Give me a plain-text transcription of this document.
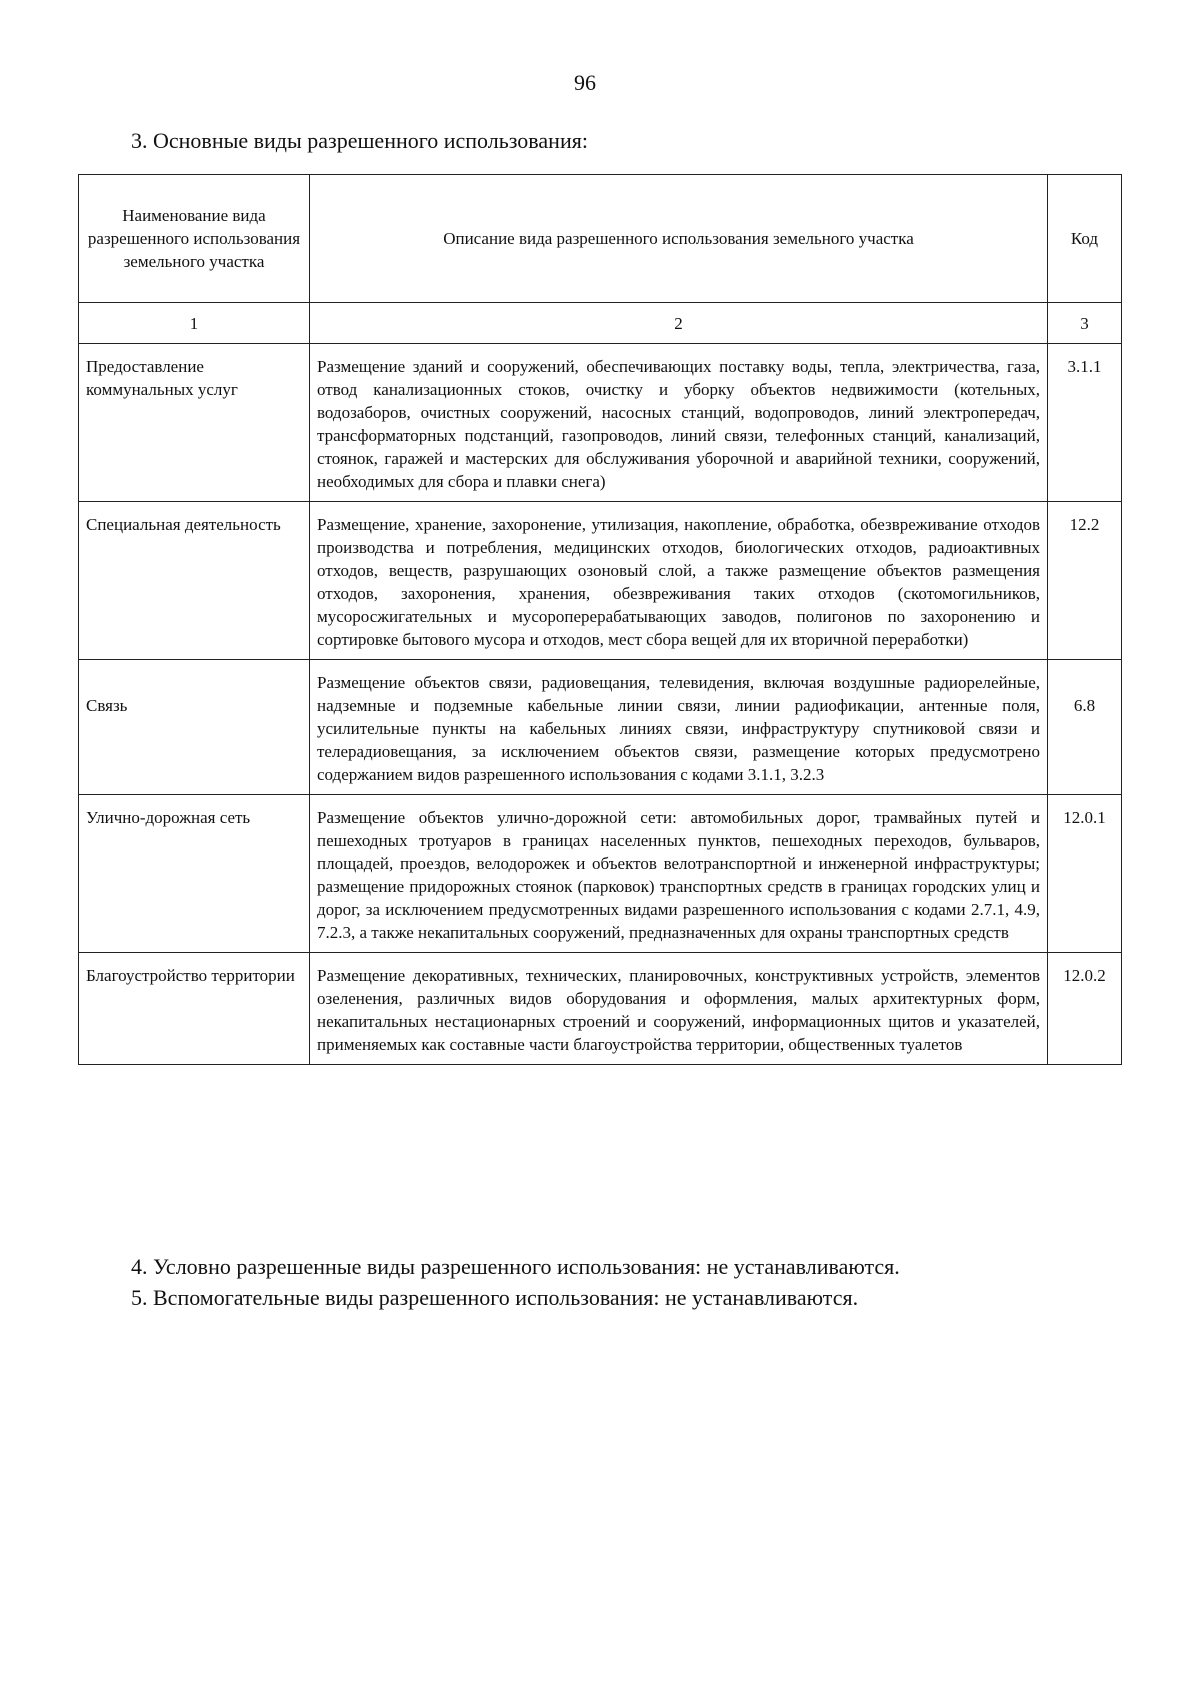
96
3. Основные виды разрешенного использования:
Наименование вида разрешенного использования земельного участка	Описание вида разрешенного использования земельного участка	Код
1	2	3
Предоставление коммунальных услуг	Размещение зданий и сооружений, обеспечивающих поставку воды, тепла, электричества, газа, отвод канализационных стоков, очистку и уборку объектов недвижимости (котельных, водозаборов, очистных сооружений, насосных станций, водопроводов, линий электропередач, трансформаторных подстанций, газопроводов, линий связи, телефонных станций, канализаций, стоянок, гаражей и мастерских для обслуживания уборочной и аварийной техники, сооружений, необходимых для сбора и плавки снега)	3.1.1
Специальная деятельность	Размещение, хранение, захоронение, утилизация, накопление, обработка, обезвреживание отходов производства и потребления, медицинских отходов, биологических отходов, радиоактивных отходов, веществ, разрушающих озоновый слой, а также размещение объектов размещения отходов, захоронения, хранения, обезвреживания таких отходов (скотомогильников, мусоросжигательных и мусороперерабатывающих заводов, полигонов по захоронению и сортировке бытового мусора и отходов, мест сбора вещей для их вторичной переработки)	12.2
Связь	Размещение объектов связи, радиовещания, телевидения, включая воздушные радиорелейные, надземные и подземные кабельные линии связи, линии радиофикации, антенные поля, усилительные пункты на кабельных линиях связи, инфраструктуру спутниковой связи и телерадиовещания, за исключением объектов связи, размещение которых предусмотрено содержанием видов разрешенного использования с кодами 3.1.1, 3.2.3	6.8
Улично-дорожная сеть	Размещение объектов улично-дорожной сети: автомобильных дорог, трамвайных путей и пешеходных тротуаров в границах населенных пунктов, пешеходных переходов, бульваров, площадей, проездов, велодорожек и объектов велотранспортной и инженерной инфраструктуры; размещение придорожных стоянок (парковок) транспортных средств в границах городских улиц и дорог, за исключением предусмотренных видами разрешенного использования с кодами 2.7.1, 4.9, 7.2.3, а также некапитальных сооружений, предназначенных для охраны транспортных средств	12.0.1
Благоустройство территории	Размещение декоративных, технических, планировочных, конструктивных устройств, элементов озеленения, различных видов оборудования и оформления, малых архитектурных форм, некапитальных нестационарных строений и сооружений, информационных щитов и указателей, применяемых как составные части благоустройства территории, общественных туалетов	12.0.2
4. Условно разрешенные виды разрешенного использования: не устанавливаются.
5. Вспомогательные виды разрешенного использования: не устанавливаются.
